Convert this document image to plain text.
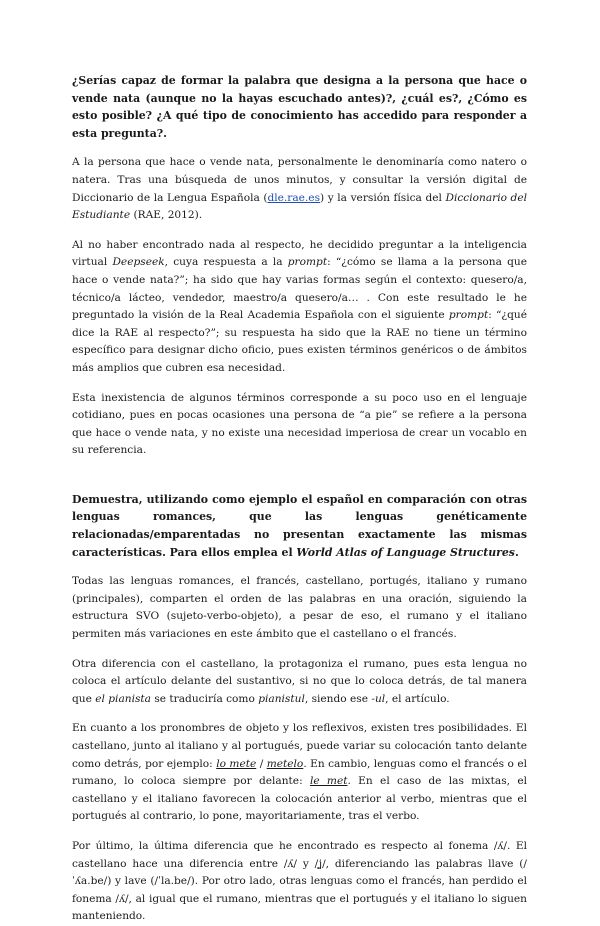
¿Serías capaz de formar la palabra que designa a la persona que hace o vende nata (aunque no la hayas escuchado antes)?, ¿cuál es?, ¿Cómo es esto posible? ¿A qué tipo de conocimiento has accedido para responder a esta pregunta?.

A la persona que hace o vende nata, personalmente le denominaría como natero o natera. Tras una búsqueda de unos minutos, y consultar la versión digital de Diccionario de la Lengua Española (dle.rae.es) y la versión física del Diccionario del Estudiante (RAE, 2012).

Al no haber encontrado nada al respecto, he decidido preguntar a la inteligencia virtual Deepseek, cuya respuesta a la prompt: “¿cómo se llama a la persona que hace o vende nata?”; ha sido que hay varias formas según el contexto: quesero/a, técnico/a lácteo, vendedor, maestro/a quesero/a… . Con este resultado le he preguntado la visión de la Real Academia Española con el siguiente prompt: “¿qué dice la RAE al respecto?”; su respuesta ha sido que la RAE no tiene un término específico para designar dicho oficio, pues existen términos genéricos o de ámbitos más amplios que cubren esa necesidad.

Esta inexistencia de algunos términos corresponde a su poco uso en el lenguaje cotidiano, pues en pocas ocasiones una persona de “a pie” se refiere a la persona que hace o vende nata, y no existe una necesidad imperiosa de crear un vocablo en su referencia.

Demuestra, utilizando como ejemplo el español en comparación con otras lenguas romances, que las lenguas genéticamente relacionadas/emparentadas no presentan exactamente las mismas características. Para ellos emplea el World Atlas of Language Structures.

Todas las lenguas romances, el francés, castellano, portugés, italiano y rumano (principales), comparten el orden de las palabras en una oración, siguiendo la estructura SVO (sujeto-verbo-objeto), a pesar de eso, el rumano y el italiano permiten más variaciones en este ámbito que el castellano o el francés.

Otra diferencia con el castellano, la protagoniza el rumano, pues esta lengua no coloca el artículo delante del sustantivo, si no que lo coloca detrás, de tal manera que el pianista se traduciría como pianistul, siendo ese -ul, el artículo.

En cuanto a los pronombres de objeto y los reflexivos, existen tres posibilidades. El castellano, junto al italiano y al portugués, puede variar su colocación tanto delante como detrás, por ejemplo: lo mete / metelo. En cambio, lenguas como el francés o el rumano, lo coloca siempre por delante: le met. En el caso de las mixtas, el castellano y el italiano favorecen la colocación anterior al verbo, mientras que el portugués al contrario, lo pone, mayoritariamente, tras el verbo.

Por último, la última diferencia que he encontrado es respecto al fonema /ʎ/. El castellano hace una diferencia entre /ʎ/ y /ʝ/, diferenciando las palabras llave (/ˈʎa.be/) y lave (/ˈla.be/). Por otro lado, otras lenguas como el francés, han perdido el fonema /ʎ/, al igual que el rumano, mientras que el portugués y el italiano lo siguen manteniendo.
